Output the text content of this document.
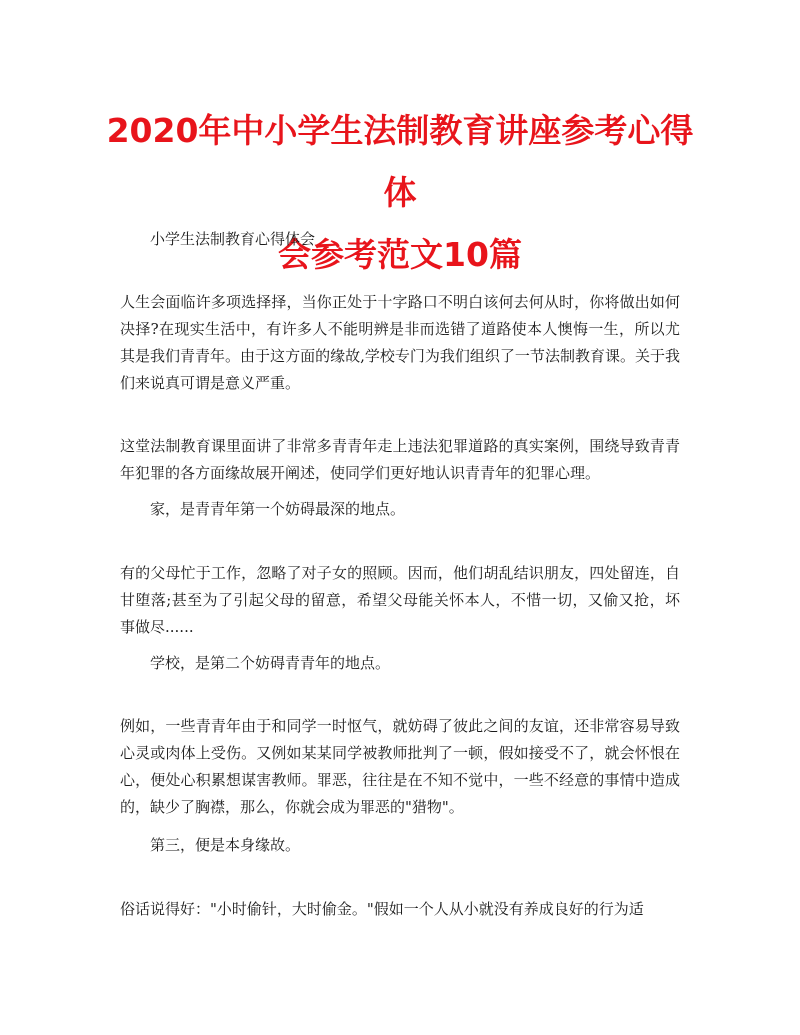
2020年中小学生法制教育讲座参考心得体
会参考范文10篇

小学生法制教育心得体会

人生会面临许多项选择择，当你正处于十字路口不明白该何去何从时，你将做出如何决择?在现实生活中，有许多人不能明辨是非而选错了道路使本人懊悔一生，所以尤其是我们青青年。由于这方面的缘故,学校专门为我们组织了一节法制教育课。关于我们来说真可谓是意义严重。

这堂法制教育课里面讲了非常多青青年走上违法犯罪道路的真实案例，围绕导致青青年犯罪的各方面缘故展开阐述，使同学们更好地认识青青年的犯罪心理。

家，是青青年第一个妨碍最深的地点。

有的父母忙于工作，忽略了对子女的照顾。因而，他们胡乱结识朋友，四处留连，自甘堕落;甚至为了引起父母的留意，希望父母能关怀本人，不惜一切，又偷又抢，坏事做尽......

学校，是第二个妨碍青青年的地点。

例如，一些青青年由于和同学一时怄气，就妨碍了彼此之间的友谊，还非常容易导致心灵或肉体上受伤。又例如某某同学被教师批判了一顿，假如接受不了，就会怀恨在心，便处心积累想谋害教师。罪恶，往往是在不知不觉中，一些不经意的事情中造成的，缺少了胸襟，那么，你就会成为罪恶的"猎物"。

第三，便是本身缘故。

俗话说得好："小时偷针，大时偷金。"假如一个人从小就没有养成良好的行为适
